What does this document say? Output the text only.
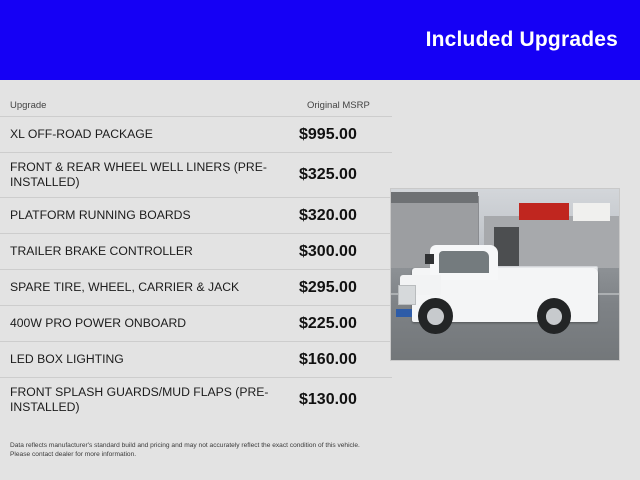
Included Upgrades
Upgrade	Original MSRP
XL OFF-ROAD PACKAGE	$995.00
FRONT & REAR WHEEL WELL LINERS (PRE-INSTALLED)	$325.00
PLATFORM RUNNING BOARDS	$320.00
TRAILER BRAKE CONTROLLER	$300.00
SPARE TIRE, WHEEL, CARRIER & JACK	$295.00
400W PRO POWER ONBOARD	$225.00
LED BOX LIGHTING	$160.00
FRONT SPLASH GUARDS/MUD FLAPS (PRE-INSTALLED)	$130.00
Data reflects manufacturer's standard build and pricing and may not accurately reflect the exact condition of this vehicle.
Please contact dealer for more information.
